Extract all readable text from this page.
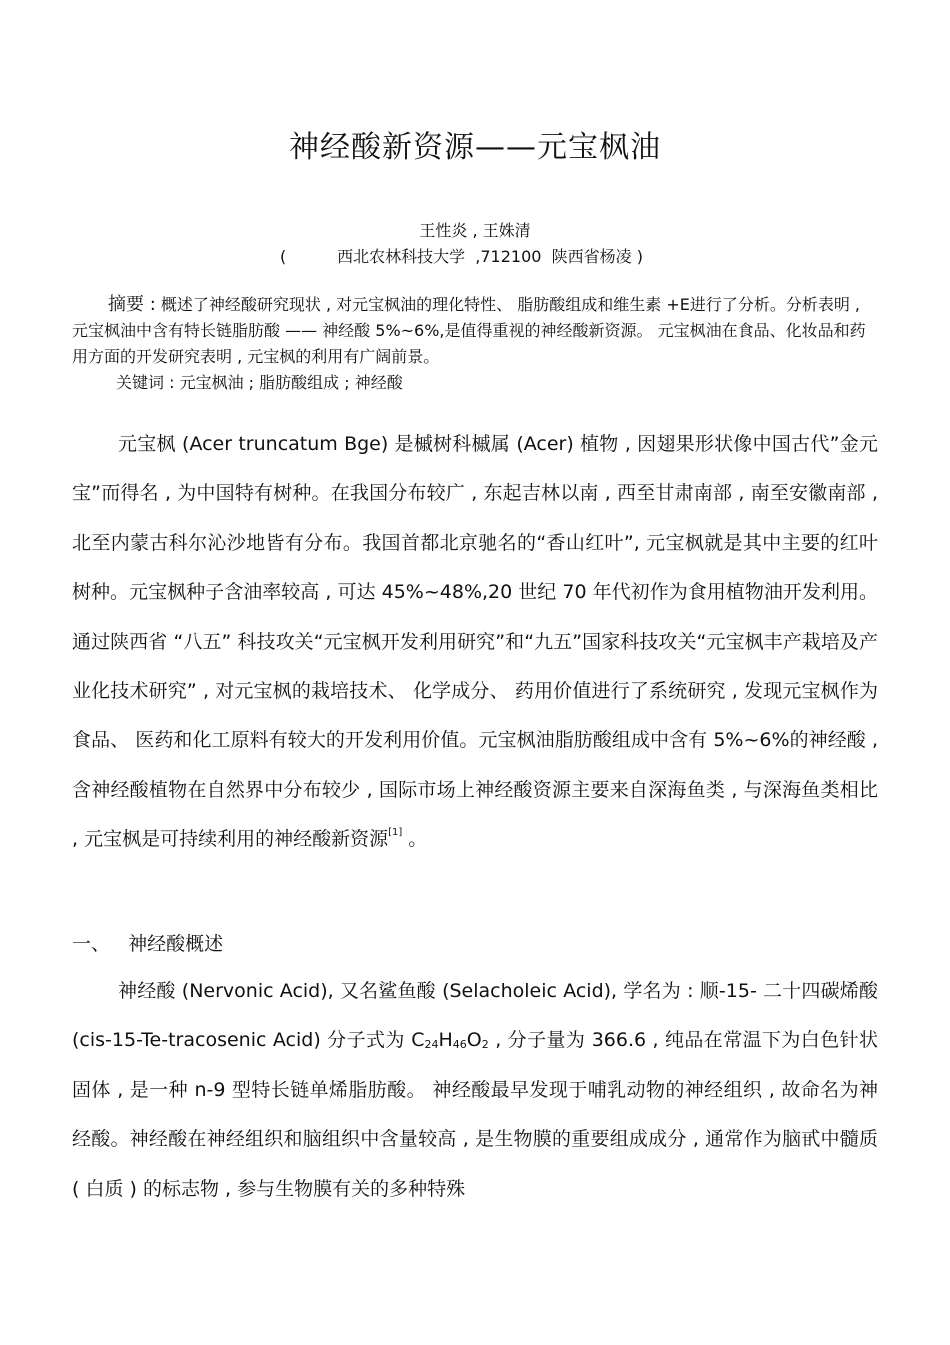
神经酸新资源——元宝枫油
王性炎 , 王姝清
(          西北农林科技大学  ,712100  陕西省杨凌 )
摘要 : 概述了神经酸研究现状 , 对元宝枫油的理化特性、 脂肪酸组成和维生素 +E进行了分析。分析表明 , 元宝枫油中含有特长链脂肪酸 —— 神经酸 5%~6%,是值得重视的神经酸新资源。 元宝枫油在食品、化妆品和药用方面的开发研究表明 , 元宝枫的利用有广阔前景。
关键词 : 元宝枫油 ; 脂肪酸组成 ; 神经酸
元宝枫 (Acer truncatum Bge) 是槭树科槭属 (Acer) 植物 , 因翅果形状像中国古代”金元宝”而得名 , 为中国特有树种。在我国分布较广 , 东起吉林以南 , 西至甘肃南部 , 南至安徽南部 , 北至内蒙古科尔沁沙地皆有分布。我国首都北京驰名的“香山红叶”, 元宝枫就是其中主要的红叶树种。元宝枫种子含油率较高 , 可达 45%~48%,20 世纪 70 年代初作为食用植物油开发利用。 通过陕西省 “八五” 科技攻关“元宝枫开发利用研究”和“九五”国家科技攻关“元宝枫丰产栽培及产业化技术研究” , 对元宝枫的栽培技术、 化学成分、 药用价值进行了系统研究 , 发现元宝枫作为食品、 医药和化工原料有较大的开发利用价值。元宝枫油脂肪酸组成中含有 5%~6%的神经酸 , 含神经酸植物在自然界中分布较少 , 国际市场上神经酸资源主要来自深海鱼类 , 与深海鱼类相比 , 元宝枫是可持续利用的神经酸新资源[1] 。
一、   神经酸概述
神经酸 (Nervonic Acid), 又名鲨鱼酸 (Selacholeic Acid), 学名为 : 顺-15- 二十四碳烯酸 (cis-15-Te-tracosenic Acid) 分子式为 $C_{24}H_{46}O_2$ , 分子量为 366.6 , 纯品在常温下为白色针状固体 , 是一种 n-9 型特长链单烯脂肪酸。 神经酸最早发现于哺乳动物的神经组织 , 故命名为神经酸。神经酸在神经组织和脑组织中含量较高 , 是生物膜的重要组成成分 , 通常作为脑甙中髓质 ( 白质 ) 的标志物 , 参与生物膜有关的多种特殊
